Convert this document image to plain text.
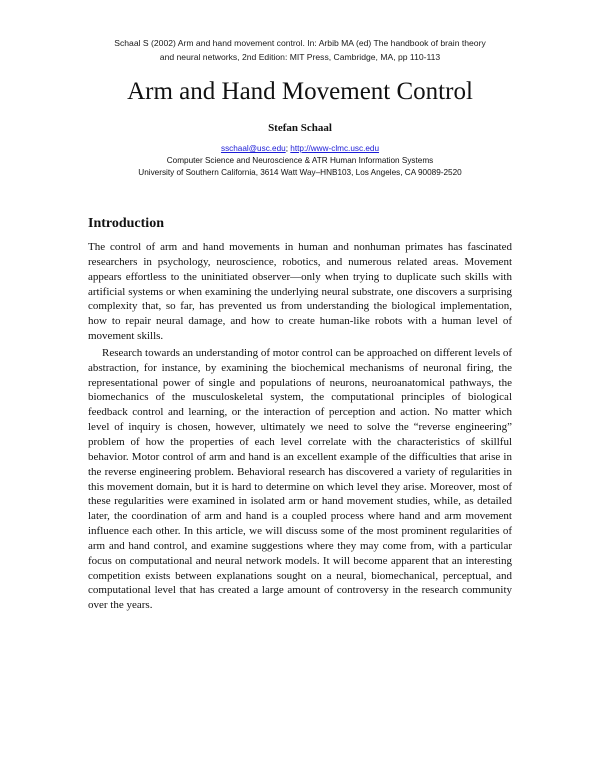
Schaal S (2002) Arm and hand movement control. In: Arbib MA (ed) The handbook of brain theory
and neural networks, 2nd Edition: MIT Press, Cambridge, MA, pp 110-113
Arm and Hand Movement Control
Stefan Schaal
sschaal@usc.edu; http://www-clmc.usc.edu
Computer Science and Neuroscience & ATR Human Information Systems
University of Southern California, 3614 Watt Way–HNB103, Los Angeles, CA 90089-2520
Introduction

The control of arm and hand movements in human and nonhuman primates has fascinated researchers in psychology, neuroscience, robotics, and numerous related areas. Movement appears effortless to the uninitiated observer—only when trying to duplicate such skills with artificial systems or when examining the underlying neural substrate, one discovers a surprising complexity that, so far, has prevented us from understanding the biological implementation, how to repair neural damage, and how to create human-like robots with a human level of movement skills.

Research towards an understanding of motor control can be approached on different levels of abstraction, for instance, by examining the biochemical mechanisms of neuronal firing, the representational power of single and populations of neurons, neuroanatomical pathways, the biomechanics of the musculoskeletal system, the computational principles of biological feedback control and learning, or the interaction of perception and action. No matter which level of inquiry is chosen, however, ultimately we need to solve the “reverse engineering” problem of how the properties of each level correlate with the characteristics of skillful behavior. Motor control of arm and hand is an excellent example of the difficulties that arise in the reverse engineering problem. Behavioral research has discovered a variety of regularities in this movement domain, but it is hard to determine on which level they arise. Moreover, most of these regularities were examined in isolated arm or hand movement studies, while, as detailed later, the coordination of arm and hand is a coupled process where hand and arm movement influence each other. In this article, we will discuss some of the most prominent regularities of arm and hand control, and examine suggestions where they may come from, with a particular focus on computational and neural network models. It will become apparent that an interesting competition exists between explanations sought on a neural, biomechanical, perceptual, and computational level that has created a large amount of controversy in the research community over the years.
